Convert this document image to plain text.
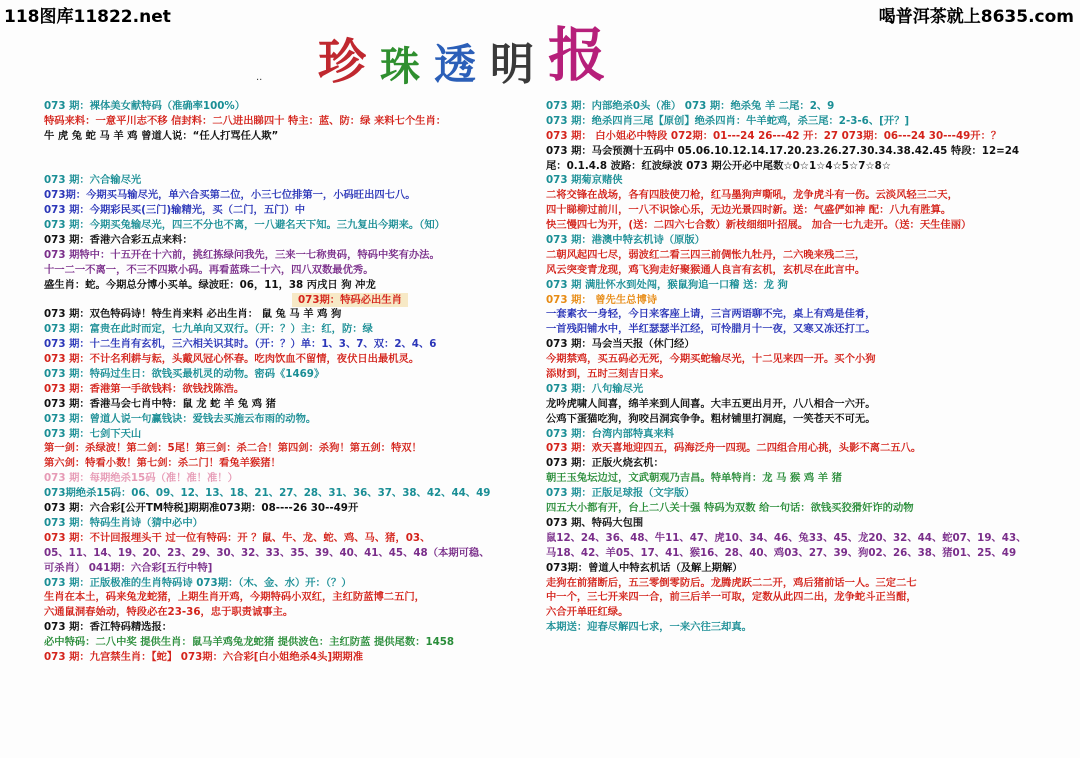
118图库11822.net	喝普洱茶就上8635.com
珍 珠 透 明 报
..
073 期：裸体美女献特码（准确率100%）
特码来料：一意平川志不移 信封料：二八进出睇四十 特主：蓝、防：绿 来料七个生肖：
牛 虎 兔 蛇 马 羊 鸡 曾道人说：“任人打骂任人欺”
073 期：六合输尽光
073期：今期买马输尽光，单六合买第二位，小三七位排第一，小码旺出四七八。
073 期：今期彩民买(三门)输精光，买（二门，五门）中
073 期：今期买兔输尽光，四三不分也不离，一八避名天下知。三九复出今期来。（知）
073 期：香港六合彩五点来料：
073 期特中：十五开在十六前，挑红拣绿问我先，三来一七称贵码，特码中奖有办法。
十一二一不离一，不三不四欺小码。再看蓝珠二十六，四八双数最优秀。
盛生肖：蛇。今期总分博小买单。绿波旺：06，11，38 丙戌日 狗 冲龙
073期：特码必出生肖
073 期：双色特码诗！特生肖来料 必出生肖： 鼠 兔 马 羊 鸡 狗
073 期：富贵在此时而定，七九单向又双行。（开：？）主：红，防：绿
073 期：十二生肖有玄机，三六相关识其时。（开：？）单：1、3、7、双：2、4、6
073 期：不计名利耕与耘，头戴风冠心怀春。吃肉饮血不留情，夜伏日出最机灵。
073 期：特码过生日：欲钱买最机灵的动物。密码《1469》
073 期：香港第一手欲钱料：欲钱找陈浩。
073 期：香港马会七肖中特：鼠 龙 蛇 羊 兔 鸡 猪
073 期：曾道人说一句赢钱诀：爱钱去买施云布雨的动物。
073 期：七剑下天山
第一剑：杀绿波！第二剑：5尾！第三剑：杀二合！第四剑：杀狗！第五剑：特双！
第六剑：特看小数！第七剑：杀二门！看兔羊猴猪！
073 期：每期绝杀15码（准！准！准！）
073期绝杀15码：06、09、12、13、18、21、27、28、31、36、37、38、42、44、49
073 期：六合彩[公开TM特税]期期准073期：08----26 30--49开
073 期：特码生肖诗（猜中必中）
073 期：不计回报埋头干 过一位有特码：开 ？鼠、牛、龙、蛇、鸡、马、猪，03、
05、11、14、19、20、23、29、30、32、33、35、39、40、41、45、48（本期可稳、
可杀肖） 041期：六合彩[五行中特]
073 期：正版极准的生肖特码诗 073期：（木、金、水）开：（？）
生肖在本土，码来兔龙蛇猪，上期生肖开鸡，今期特码小双红，主红防蓝博二五门，
六通鼠洞春始动，特段必在23-36，忠于职责诚事主。
073 期：香江特码精选报：
必中特码：二八中奖 提供生肖：鼠马羊鸡兔龙蛇猪 提供波色：主红防蓝 提供尾数：1458
073 期：九宫禁生肖：【蛇】 073期：六合彩[白小姐绝杀4头]期期准
073 期：内部绝杀0头（准） 073 期：绝杀兔 羊 二尾：2、9
073 期：绝杀四肖三尾【原创】绝杀四肖：牛羊蛇鸡，杀三尾：2-3-6、[开？]
073 期： 白小姐必中特段 072期：01---24 26---42 开：27 073期：06---24 30---49开：？
073 期：马会预测十五码中 05.06.10.12.14.17.20.23.26.27.30.34.38.42.45 特段：12=24
尾：0.1.4.8 波路：红波绿波 073 期公开必中尾数☆0☆1☆4☆5☆7☆8☆
073 期菊京赌侠
二将交锋在战场，各有四肢使刀枪，红马墨狗声嘶吼，龙争虎斗有一伤。云淡风轻三二天，
四十睇柳过前川，一八不识馀心乐，无边光景四时新。送：气盛俨如神 配：八九有胜算。
快三慢四七为开，(送：二四六七合数）新枝细细叶招展。 加合一七九走开。（送：天生佳丽）
073 期：港澳中特玄机诗（原版）
二朝风起四七尽，弱波红二看三四三前倜怅九牡丹，二六晚来残二三，
风云突变青龙现，鸡飞狗走好聚猴通人良言有玄机，玄机尽在此言中。
073 期 满肚怀水到处闯，猴鼠狗追一口稽 送：龙 狗
073 期： 曾先生总博诗
一套素衣一身轻，今日来客座上请，三言两语聊不完，桌上有鸡是佳肴，
一首残阳铺水中，半红瑟瑟半江经，可怜腊月十一夜，又寒又冻还打工。
073 期：马会当天报（休门经）
今期禁鸡，买五码必无死，今期买蛇输尽光，十二见来四一开。买个小狗
添财到，五时三刻吉日来。
073 期：八句输尽光
龙吟虎啸人间喜，绵羊来到人间喜。大丰五更出月开，八八相合一六开。
公鸡下蛋猫吃狗，狗咬吕洞宾争争。粗材铺里打洞庭，一笑苍天不可无。
073 期：台湾内部特真来料
073 期：欢天喜地迎四五，码海泛舟一四现。二四组合用心挑，头影不离二五八。
073 期：正版火烧玄机：
朝王玉兔坛边过，文武朝观乃吉昌。特单特肖：龙 马 猴 鸡 羊 猪
073 期：正版足球报（文字版）
四五大小都有开，台上二八关十强 特码为双数 给一句话：欲钱买狡猾奸诈的动物
073 期、特码大包围
鼠12、24、36、48、牛11、47、虎10、34、46、兔33、45、龙20、32、44、蛇07、19、43、
马18、42、羊05、17、41、猴16、28、40、鸡03、27、39、狗02、26、38、猪01、25、49
073期：曾道人中特玄机话（及解上期解）
走狗在前猪断后，五三零倒零防后。龙腾虎跃二二开，鸡后猪前话一人。三定二七
中一个，三七开来四一合，前三后羊一可取，定数从此四二出，龙争蛇斗正当酣，
六合开单旺红绿。
本期送：迎春尽解四七求，一来六往三却真。
